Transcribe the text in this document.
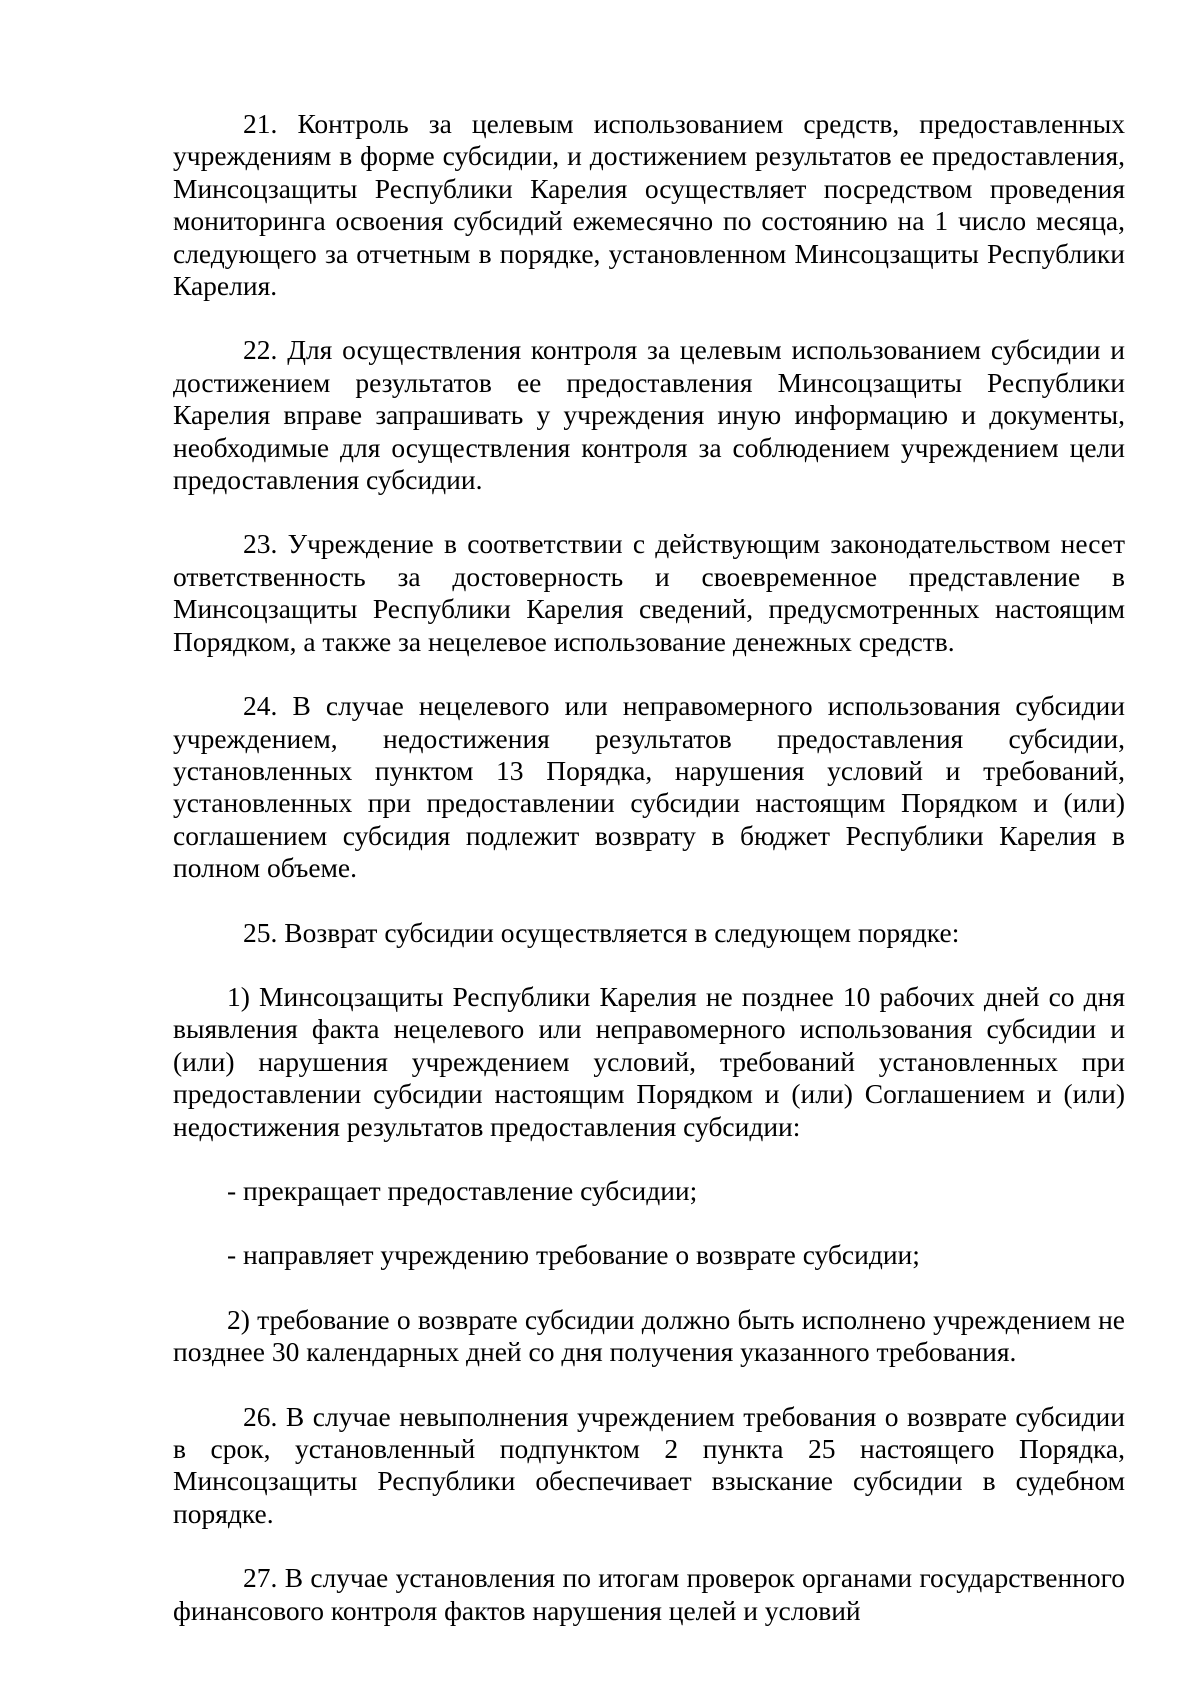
21. Контроль за целевым использованием средств, предоставленных учреждениям в форме субсидии, и достижением результатов ее предоставления, Минсоцзащиты Республики Карелия осуществляет посредством проведения мониторинга освоения субсидий ежемесячно по состоянию на 1 число месяца, следующего за отчетным в порядке, установленном Минсоцзащиты Республики Карелия.

22. Для осуществления контроля за целевым использованием субсидии и достижением результатов ее предоставления Минсоцзащиты Республики Карелия вправе запрашивать у учреждения иную информацию и документы, необходимые для осуществления контроля за соблюдением учреждением цели предоставления субсидии.

23. Учреждение в соответствии с действующим законодательством несет ответственность за достоверность и своевременное представление в Минсоцзащиты Республики Карелия сведений, предусмотренных настоящим Порядком, а также за нецелевое использование денежных средств.

24. В случае нецелевого или неправомерного использования субсидии учреждением, недостижения результатов предоставления субсидии, установленных пунктом 13 Порядка, нарушения условий и требований, установленных при предоставлении субсидии настоящим Порядком и (или) соглашением субсидия подлежит возврату в бюджет Республики Карелия в полном объеме.

25. Возврат субсидии осуществляется в следующем порядке:

1) Минсоцзащиты Республики Карелия не позднее 10 рабочих дней со дня выявления факта нецелевого или неправомерного использования субсидии и (или) нарушения учреждением условий, требований установленных при предоставлении субсидии настоящим Порядком и (или) Соглашением и (или) недостижения результатов предоставления субсидии:

- прекращает предоставление субсидии;

- направляет учреждению требование о возврате субсидии;

2) требование о возврате субсидии должно быть исполнено учреждением не позднее 30 календарных дней со дня получения указанного требования.

26. В случае невыполнения учреждением требования о возврате субсидии в срок, установленный подпунктом 2 пункта 25 настоящего Порядка, Минсоцзащиты Республики обеспечивает взыскание субсидии в судебном порядке.

27. В случае установления по итогам проверок органами государственного финансового контроля фактов нарушения целей и условий
